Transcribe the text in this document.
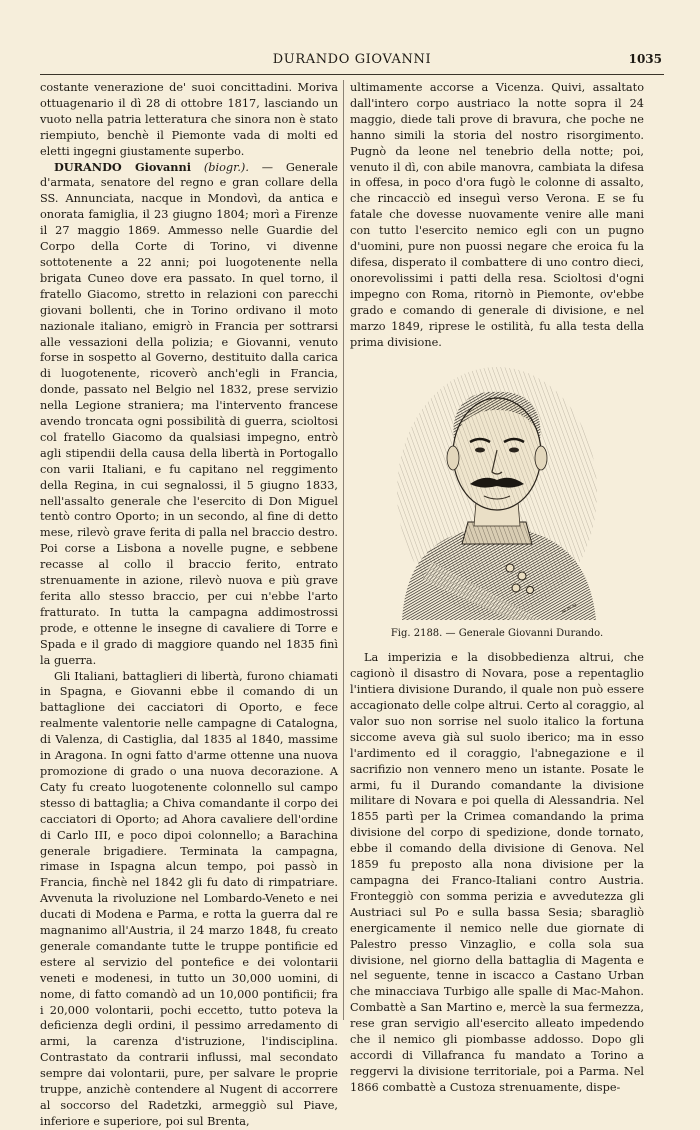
DURANDO GIOVANNI	1035

costante venerazione de' suoi concittadini. Moriva ottuagenario il dì 28 di ottobre 1817, lasciando un vuoto nella patria letteratura che sinora non è stato riempiuto, benchè il Piemonte vada di molti ed eletti ingegni giustamente superbo.

DURANDO Giovanni (biogr.). — Generale d'armata, senatore del regno e gran collare della SS. Annunciata, nacque in Mondovì, da antica e onorata famiglia, il 23 giugno 1804; morì a Firenze il 27 maggio 1869. Ammesso nelle Guardie del Corpo della Corte di Torino, vi divenne sottotenente a 22 anni; poi luogotenente nella brigata Cuneo dove era passato. In quel torno, il fratello Giacomo, stretto in relazioni con parecchi giovani bollenti, che in Torino ordivano il moto nazionale italiano, emigrò in Francia per sottrarsi alle vessazioni della polizia; e Giovanni, venuto forse in sospetto al Governo, destituito dalla carica di luogotenente, ricoverò anch'egli in Francia, donde, passato nel Belgio nel 1832, prese servizio nella Legione straniera; ma l'intervento francese avendo troncata ogni possibilità di guerra, scioltosi col fratello Giacomo da qualsiasi impegno, entrò agli stipendii della causa della libertà in Portogallo con varii Italiani, e fu capitano nel reggimento della Regina, in cui segnalossi, il 5 giugno 1833, nell'assalto generale che l'esercito di Don Miguel tentò contro Oporto; in un secondo, al fine di detto mese, rilevò grave ferita di palla nel braccio destro. Poi corse a Lisbona a novelle pugne, e sebbene recasse al collo il braccio ferito, entrato strenuamente in azione, rilevò nuova e più grave ferita allo stesso braccio, per cui n'ebbe l'arto fratturato. In tutta la campagna addimostrossi prode, e ottenne le insegne di cavaliere di Torre e Spada e il grado di maggiore quando nel 1835 finì la guerra.

Gli Italiani, battaglieri di libertà, furono chiamati in Spagna, e Giovanni ebbe il comando di un battaglione dei cacciatori di Oporto, e fece realmente valentorie nelle campagne di Catalogna, di Valenza, di Castiglia, dal 1835 al 1840, massime in Aragona. In ogni fatto d'arme ottenne una nuova promozione di grado o una nuova decorazione. A Caty fu creato luogotenente colonnello sul campo stesso di battaglia; a Chiva comandante il corpo dei cacciatori di Oporto; ad Ahora cavaliere dell'ordine di Carlo III, e poco dipoi colonnello; a Barachina generale brigadiere. Terminata la campagna, rimase in Ispagna alcun tempo, poi passò in Francia, finchè nel 1842 gli fu dato di rimpatriare. Avvenuta la rivoluzione nel Lombardo-Veneto e nei ducati di Modena e Parma, e rotta la guerra dal re magnanimo all'Austria, il 24 marzo 1848, fu creato generale comandante tutte le truppe pontificie ed estere al servizio del pontefice e dei volontarii veneti e modenesi, in tutto un 30,000 uomini, di nome, di fatto comandò ad un 10,000 pontificii; fra i 20,000 volontarii, pochi eccetto, tutto poteva la deficienza degli ordini, il pessimo arredamento di armi, la carenza d'istruzione, l'indisciplina. Contrastato da contrarii influssi, mal secondato sempre dai volontarii, pure, per salvare le proprie truppe, anzichè contendere al Nugent di accorrere al soccorso del Radetzki, armeggiò sul Piave, inferiore e superiore, poi sul Brenta,

ultimamente accorse a Vicenza. Quivi, assaltato dall'intero corpo austriaco la notte sopra il 24 maggio, diede tali prove di bravura, che poche ne hanno simili la storia del nostro risorgimento. Pugnò da leone nel tenebrio della notte; poi, venuto il dì, con abile manovra, cambiata la difesa in offesa, in poco d'ora fugò le colonne di assalto, che rincacciò ed inseguì verso Verona. E se fu fatale che dovesse nuovamente venire alle mani con tutto l'esercito nemico egli con un pugno d'uomini, pure non puossi negare che eroica fu la difesa, disperato il combattere di uno contro dieci, onorevolissimi i patti della resa. Scioltosi d'ogni impegno con Roma, ritornò in Piemonte, ov'ebbe grado e comando di generale di divisione, e nel marzo 1849, riprese le ostilità, fu alla testa della prima divisione.

≈≈≈
Fig. 2188. — Generale Giovanni Durando.

La imperizia e la disobbedienza altrui, che cagionò il disastro di Novara, pose a repentaglio l'intiera divisione Durando, il quale non può essere accagionato delle colpe altrui. Certo al coraggio, al valor suo non sorrise nel suolo italico la fortuna siccome aveva già sul suolo iberico; ma in esso l'ardimento ed il coraggio, l'abnegazione e il sacrifizio non vennero meno un istante. Posate le armi, fu il Durando comandante la divisione militare di Novara e poi quella di Alessandria. Nel 1855 partì per la Crimea comandando la prima divisione del corpo di spedizione, donde tornato, ebbe il comando della divisione di Genova. Nel 1859 fu preposto alla nona divisione per la campagna dei Franco-Italiani contro Austria. Fronteggiò con somma perizia e avvedutezza gli Austriaci sul Po e sulla bassa Sesia; sbaragliò energicamente il nemico nelle due giornate di Palestro presso Vinzaglio, e colla sola sua divisione, nel giorno della battaglia di Magenta e nel seguente, tenne in iscacco a Castano Urban che minacciava Turbigo alle spalle di Mac-Mahon. Combattè a San Martino e, mercè la sua fermezza, rese gran servigio all'esercito alleato impedendo che il nemico gli piombasse addosso. Dopo gli accordi di Villafranca fu mandato a Torino a reggervi la divisione territoriale, poi a Parma. Nel 1866 combattè a Custoza strenuamente, dispe-
